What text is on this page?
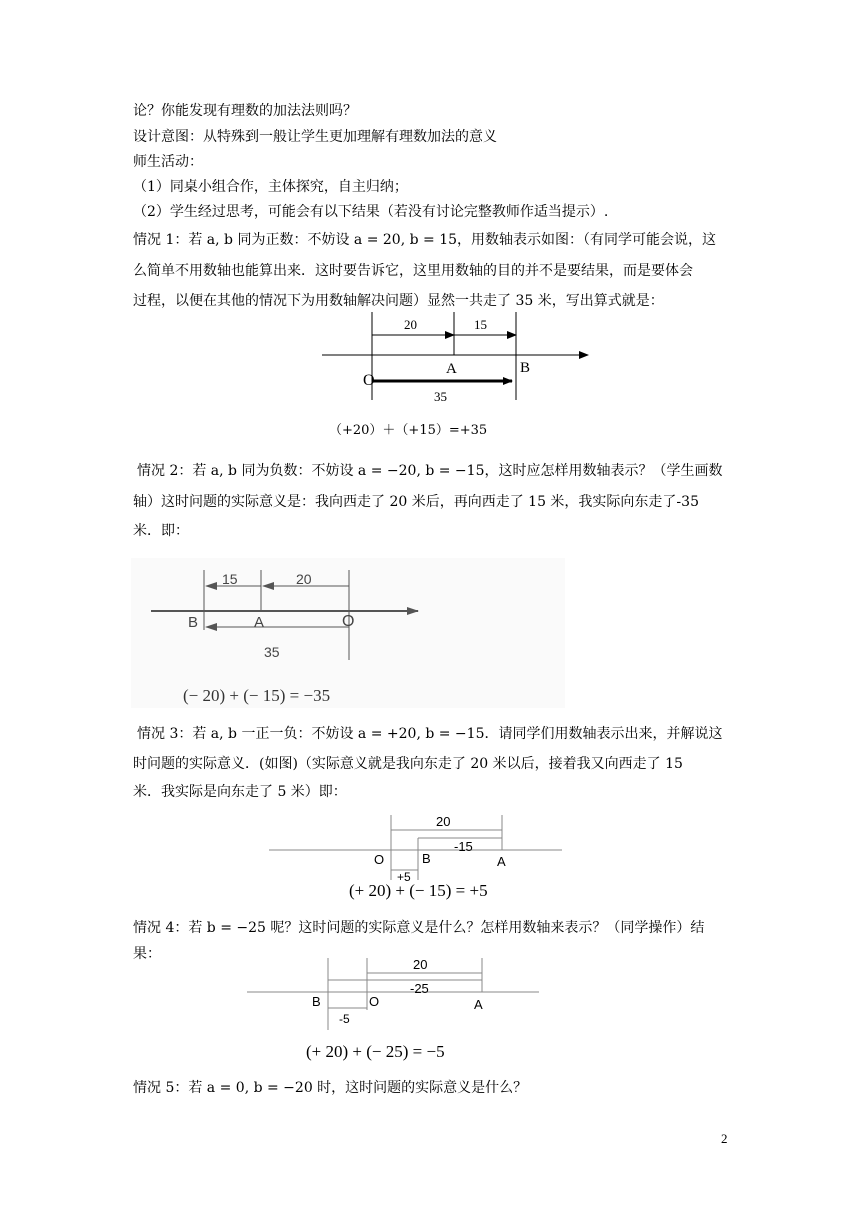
论？你能发现有理数的加法法则吗？
设计意图：从特殊到一般让学生更加理解有理数加法的意义
师生活动：
（1）同桌小组合作，主体探究，自主归纳；
（2）学生经过思考，可能会有以下结果（若没有讨论完整教师作适当提示）.
情况 1：若 a, b 同为正数：不妨设 a = 20, b = 15，用数轴表示如图：（有同学可能会说，这
么简单不用数轴也能算出来．这时要告诉它，这里用数轴的目的并不是要结果，而是要体会
过程，以便在其他的情况下为用数轴解决问题）显然一共走了 35 米，写出算式就是：
20	15
O
A	B
35
（+20）＋（+15）=+35
情况 2：若 a, b 同为负数：不妨设 a = −20, b = −15，这时应怎样用数轴表示？（学生画数
轴）这时问题的实际意义是：我向西走了 20 米后，再向西走了 15 米，我实际向东走了-35
米．即：
15	20
B	A	O
35
(− 20) + (− 15) = −35
情况 3：若 a, b 一正一负：不妨设 a = +20, b = −15．请同学们用数轴表示出来，并解说这
时问题的实际意义．(如图)（实际意义就是我向东走了 20 米以后，接着我又向西走了 15
米．我实际是向东走了 5 米）即：
20
-15
O	B	A
+5
(+ 20) + (− 15) = +5
情况 4：若 b = −25 呢？这时问题的实际意义是什么？怎样用数轴来表示？（同学操作）结
果：
20
-25
B	O	A
-5
(+ 20) + (− 25) = −5
情况 5：若 a = 0, b = −20 时，这时问题的实际意义是什么？
2
